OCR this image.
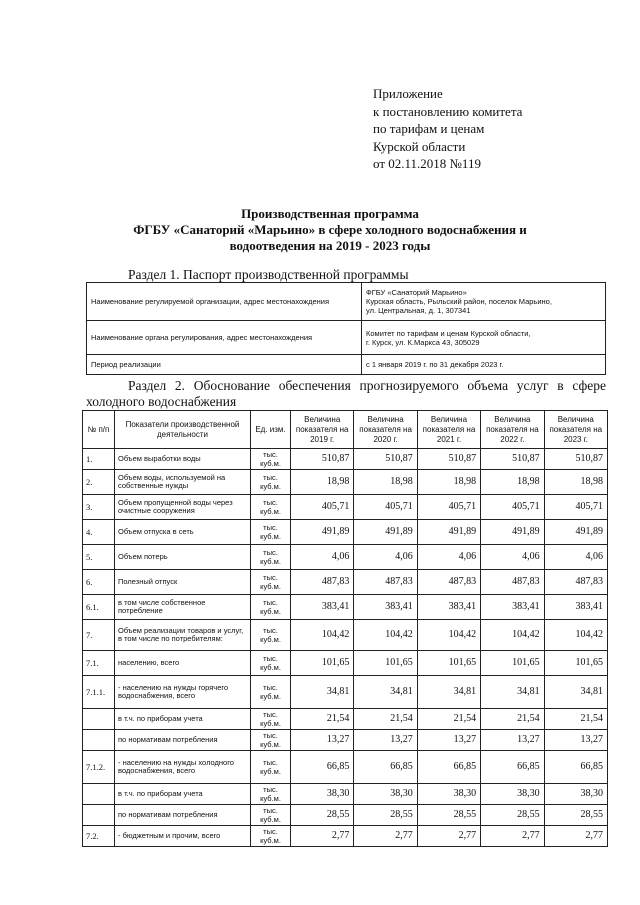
Приложение
к постановлению комитета
по тарифам и ценам
Курской области
от 02.11.2018 №119
Производственная программа
ФГБУ «Санаторий «Марьино» в сфере холодного водоснабжения и
водоотведения на 2019 - 2023 годы
Раздел 1. Паспорт производственной программы
Наименование регулируемой организации, адрес местонахождения	ФГБУ «Санаторий Марьино»
Курская область, Рыльский район, поселок Марьино,
ул. Центральная, д. 1, 307341

Наименование органа регулирования, адрес местонахождения	Комитет по тарифам и ценам Курской области,
г. Курск, ул. К.Маркса 43, 305029

Период реализации	с 1 января 2019 г. по 31 декабря 2023 г.
Раздел 2. Обоснование обеспечения прогнозируемого объема услуг в сфере холодного водоснабжения
№ п/п	Показатели производственной деятельности	Ед. изм.	Величина показателя на 2019 г.	Величина показателя на 2020 г.	Величина показателя на 2021 г.	Величина показателя на 2022 г.	Величина показателя на 2023 г.
1.	Объем выработки воды	тыс. куб.м.	510,87	510,87	510,87	510,87	510,87
2.	Объем воды, используемой на собственные нужды	тыс. куб.м.	18,98	18,98	18,98	18,98	18,98
3.	Объем пропущенной воды через очистные сооружения	тыс. куб.м.	405,71	405,71	405,71	405,71	405,71
4.	Объем отпуска в сеть	тыс. куб.м.	491,89	491,89	491,89	491,89	491,89
5.	Объем потерь	тыс. куб.м.	4,06	4,06	4,06	4,06	4,06
6.	Полезный отпуск	тыс. куб.м.	487,83	487,83	487,83	487,83	487,83
6.1.	в том числе собственное потребление	тыс. куб.м.	383,41	383,41	383,41	383,41	383,41
7.	Объем реализации товаров и услуг, в том числе по потребителям:	тыс. куб.м.	104,42	104,42	104,42	104,42	104,42
7.1.	населению, всего	тыс. куб.м.	101,65	101,65	101,65	101,65	101,65
7.1.1.	- населению на нужды горячего водоснабжения, всего	тыс. куб.м.	34,81	34,81	34,81	34,81	34,81
	в т.ч. по приборам учета	тыс. куб.м.	21,54	21,54	21,54	21,54	21,54
	по нормативам потребления	тыс. куб.м.	13,27	13,27	13,27	13,27	13,27
7.1.2.	- населению на нужды холодного водоснабжения, всего	тыс. куб.м.	66,85	66,85	66,85	66,85	66,85
	в т.ч. по приборам учета	тыс. куб.м.	38,30	38,30	38,30	38,30	38,30
	по нормативам потребления	тыс. куб.м.	28,55	28,55	28,55	28,55	28,55
7.2.	- бюджетным и прочим, всего	тыс. куб.м.	2,77	2,77	2,77	2,77	2,77
